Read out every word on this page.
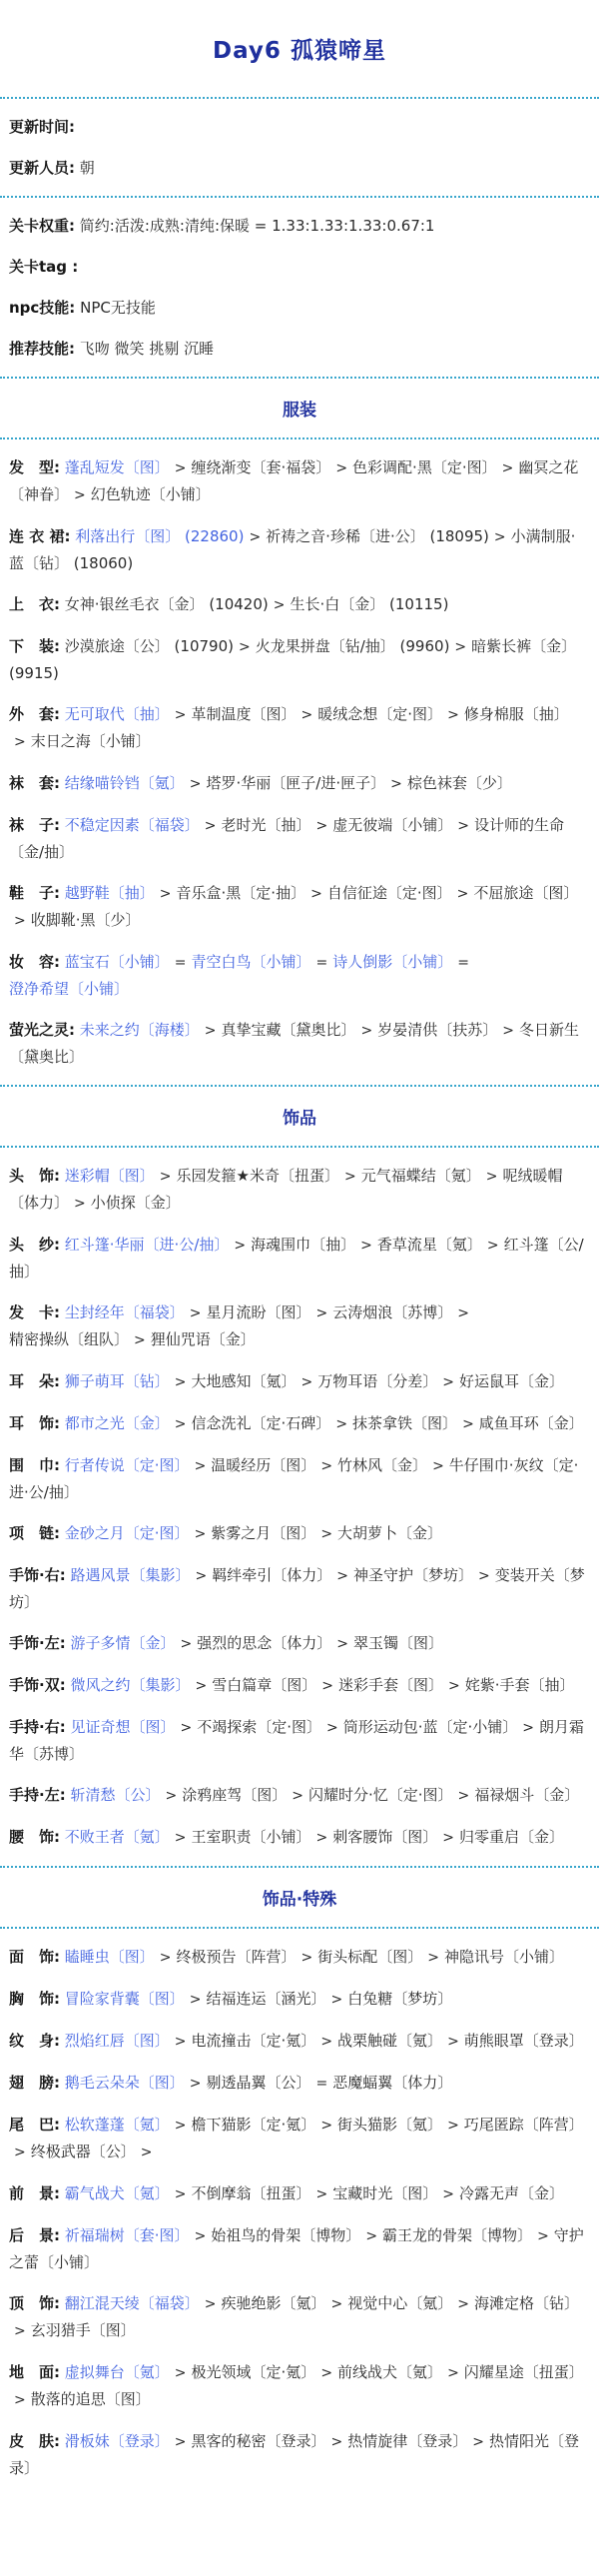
Day6 孤猿啼星

更新时间:

更新人员: 朝

关卡权重: 简约:活泼:成熟:清纯:保暖 = 1.33:1.33:1.33:0.67:1

关卡tag :

npc技能: NPC无技能

推荐技能: 飞吻 微笑 挑剔 沉睡

服装

发　型: 蓬乱短发〔图〕 > 缠绕渐变〔套·福袋〕 > 色彩调配·黑〔定·图〕 > 幽冥之花〔神眷〕 > 幻色轨迹〔小铺〕

连 衣 裙: 利落出行〔图〕 (22860) > 祈祷之音·珍稀〔进·公〕 (18095) > 小满制服·蓝〔钻〕 (18060)

上　衣: 女神·银丝毛衣〔金〕 (10420) > 生长·白〔金〕 (10115)

下　装: 沙漠旅途〔公〕 (10790) > 火龙果拼盘〔钻/抽〕 (9960) > 暗紫长裤〔金〕 (9915)

外　套: 无可取代〔抽〕 > 革制温度〔图〕 > 暖绒念想〔定·图〕 > 修身棉服〔抽〕> 末日之海〔小铺〕

袜　套: 结缘喵铃铛〔氪〕 > 塔罗·华丽〔匣子/进·匣子〕 > 棕色袜套〔少〕

袜　子: 不稳定因素〔福袋〕 > 老时光〔抽〕 > 虚无彼端〔小铺〕 > 设计师的生命〔金/抽〕

鞋　子: 越野鞋〔抽〕 > 音乐盒·黑〔定·抽〕 > 自信征途〔定·图〕 > 不屈旅途〔图〕> 收脚靴·黑〔少〕

妆　容: 蓝宝石〔小铺〕 = 青空白鸟〔小铺〕 = 诗人倒影〔小铺〕 =澄净希望〔小铺〕

萤光之灵: 未来之约〔海楼〕 > 真挚宝藏〔黛奥比〕 > 岁晏清供〔扶苏〕 > 冬日新生〔黛奥比〕

饰品

头　饰: 迷彩帽〔图〕 > 乐园发箍★米奇〔扭蛋〕 > 元气福蝶结〔氪〕 > 呢绒暖帽〔体力〕 > 小侦探〔金〕

头　纱: 红斗篷·华丽〔进·公/抽〕 > 海魂围巾〔抽〕 > 香草流星〔氪〕 > 红斗篷〔公/抽〕

发　卡: 尘封经年〔福袋〕 > 星月流盼〔图〕 > 云涛烟浪〔苏博〕 >精密操纵〔组队〕 > 狸仙咒语〔金〕

耳　朵: 狮子萌耳〔钻〕 > 大地感知〔氪〕 > 万物耳语〔分差〕 > 好运鼠耳〔金〕

耳　饰: 都市之光〔金〕 > 信念洗礼〔定·石碑〕 > 抹茶拿铁〔图〕 > 咸鱼耳环〔金〕

围　巾: 行者传说〔定·图〕 > 温暖经历〔图〕 > 竹林风〔金〕 > 牛仔围巾·灰纹〔定·进·公/抽〕

项　链: 金砂之月〔定·图〕 > 紫雾之月〔图〕 > 大胡萝卜〔金〕

手饰·右: 路遇风景〔集影〕 > 羁绊牵引〔体力〕 > 神圣守护〔梦坊〕 > 变装开关〔梦坊〕

手饰·左: 游子多情〔金〕 > 强烈的思念〔体力〕 > 翠玉镯〔图〕

手饰·双: 微风之约〔集影〕 > 雪白篇章〔图〕 > 迷彩手套〔图〕 > 姹紫·手套〔抽〕

手持·右: 见证奇想〔图〕 > 不竭探索〔定·图〕 > 筒形运动包·蓝〔定·小铺〕 > 朗月霜华〔苏博〕

手持·左: 斩清愁〔公〕 > 涂鸦座驾〔图〕 > 闪耀时分·忆〔定·图〕 > 福禄烟斗〔金〕

腰　饰: 不败王者〔氪〕 > 王室职责〔小铺〕 > 刺客腰饰〔图〕 > 归零重启〔金〕

饰品·特殊

面　饰: 瞌睡虫〔图〕 > 终极预告〔阵营〕 > 街头标配〔图〕 > 神隐讯号〔小铺〕

胸　饰: 冒险家背囊〔图〕 > 结福连运〔涵光〕 > 白兔糖〔梦坊〕

纹　身: 烈焰红唇〔图〕 > 电流撞击〔定·氪〕 > 战栗触碰〔氪〕 > 萌熊眼罩〔登录〕

翅　膀: 鹅毛云朵朵〔图〕 > 剔透晶翼〔公〕 = 恶魔蝠翼〔体力〕

尾　巴: 松软蓬蓬〔氪〕 > 檐下猫影〔定·氪〕 > 街头猫影〔氪〕 > 巧尾匿踪〔阵营〕> 终极武器〔公〕 >

前　景: 霸气战犬〔氪〕 > 不倒摩翁〔扭蛋〕 > 宝藏时光〔图〕 > 冷露无声〔金〕

后　景: 祈福瑞树〔套·图〕 > 始祖鸟的骨架〔博物〕 > 霸王龙的骨架〔博物〕 > 守护之蕾〔小铺〕

顶　饰: 翻江混天绫〔福袋〕 > 疾驰绝影〔氪〕 > 视觉中心〔氪〕 > 海滩定格〔钻〕> 玄羽猎手〔图〕

地　面: 虚拟舞台〔氪〕 > 极光领域〔定·氪〕 > 前线战犬〔氪〕 > 闪耀星途〔扭蛋〕> 散落的追思〔图〕

皮　肤: 滑板妹〔登录〕 > 黑客的秘密〔登录〕 > 热情旋律〔登录〕 > 热情阳光〔登录〕
